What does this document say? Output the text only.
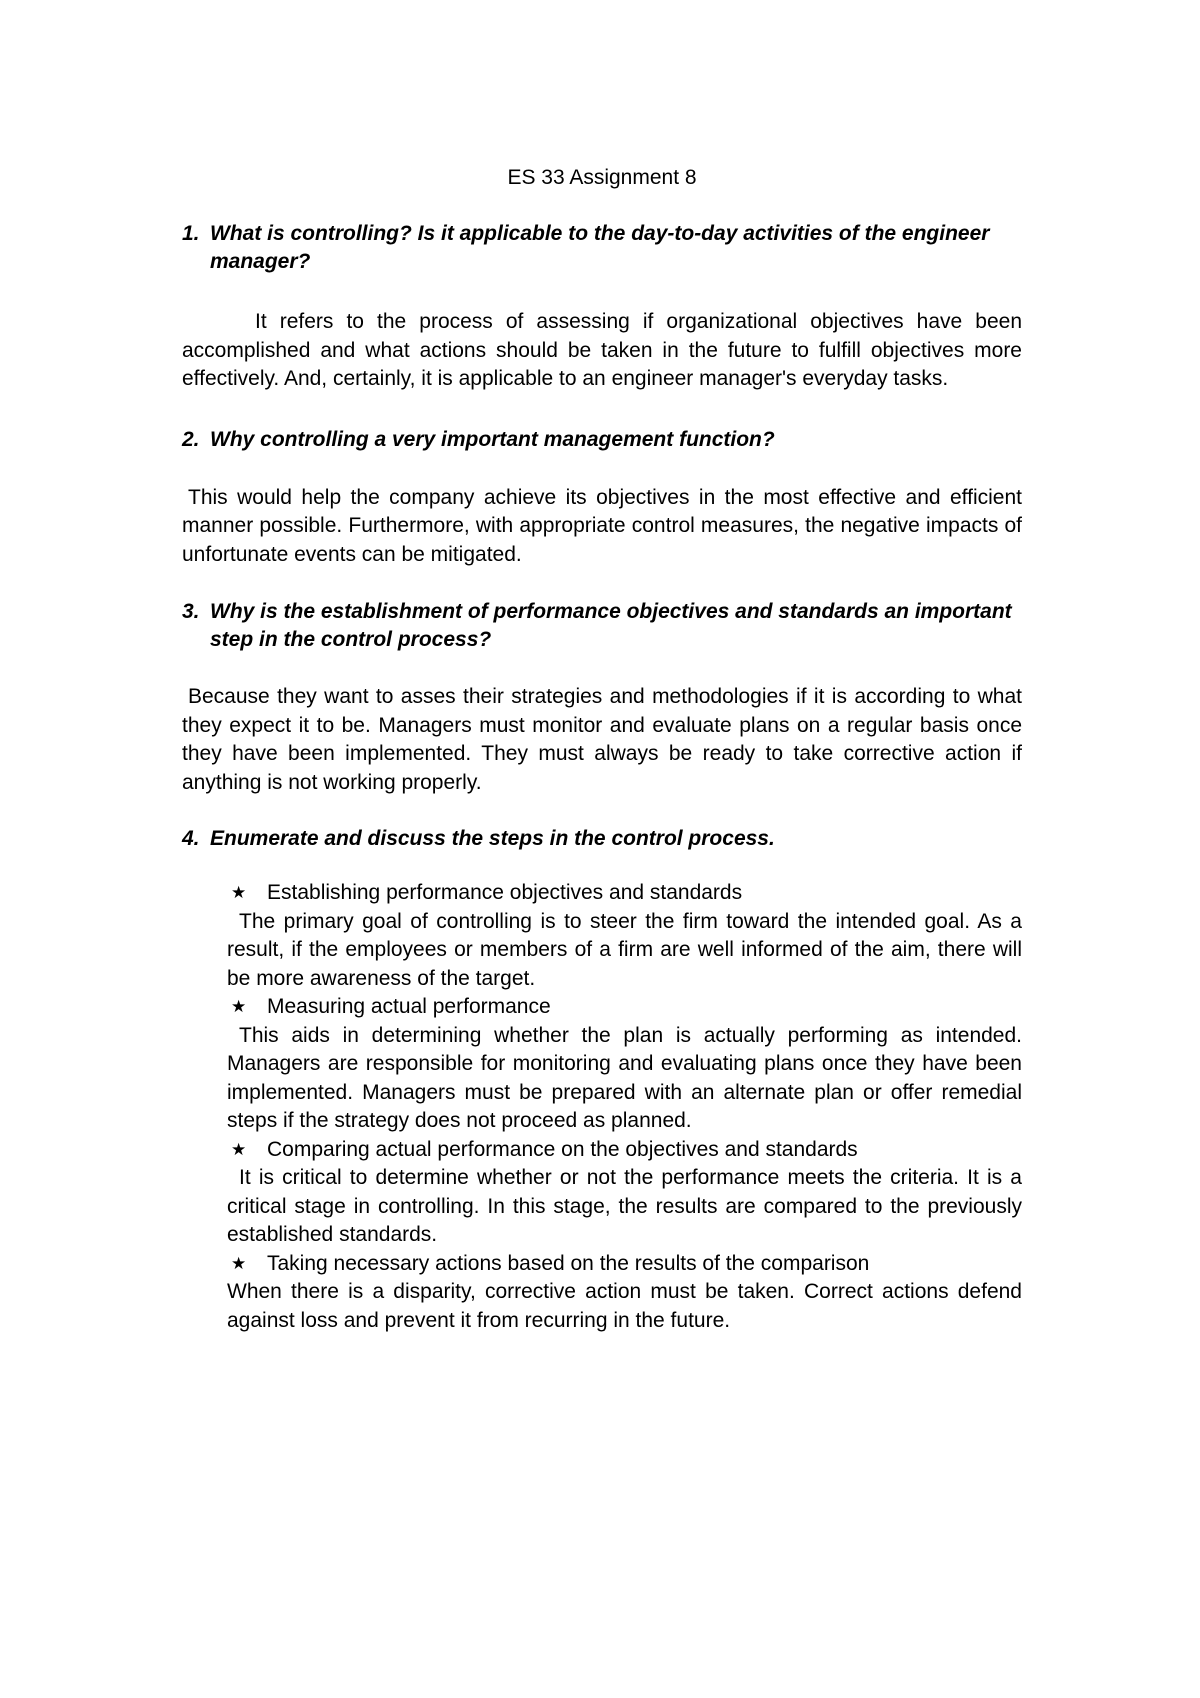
ES 33 Assignment 8
1. What is controlling? Is it applicable to the day-to-day activities of the engineer manager?

It refers to the process of assessing if organizational objectives have been accomplished and what actions should be taken in the future to fulfill objectives more effectively. And, certainly, it is applicable to an engineer manager's everyday tasks.

2. Why controlling a very important management function?

This would help the company achieve its objectives in the most effective and efficient manner possible. Furthermore, with appropriate control measures, the negative impacts of unfortunate events can be mitigated.

3. Why is the establishment of performance objectives and standards an important step in the control process?

Because they want to asses their strategies and methodologies if it is according to what they expect it to be. Managers must monitor and evaluate plans on a regular basis once they have been implemented. They must always be ready to take corrective action if anything is not working properly.

4. Enumerate and discuss the steps in the control process.
★ Establishing performance objectives and standards

The primary goal of controlling is to steer the firm toward the intended goal. As a result, if the employees or members of a firm are well informed of the aim, there will be more awareness of the target.

★ Measuring actual performance

This aids in determining whether the plan is actually performing as intended. Managers are responsible for monitoring and evaluating plans once they have been implemented. Managers must be prepared with an alternate plan or offer remedial steps if the strategy does not proceed as planned.

★ Comparing actual performance on the objectives and standards

It is critical to determine whether or not the performance meets the criteria. It is a critical stage in controlling. In this stage, the results are compared to the previously established standards.

★ Taking necessary actions based on the results of the comparison

When there is a disparity, corrective action must be taken. Correct actions defend against loss and prevent it from recurring in the future.
